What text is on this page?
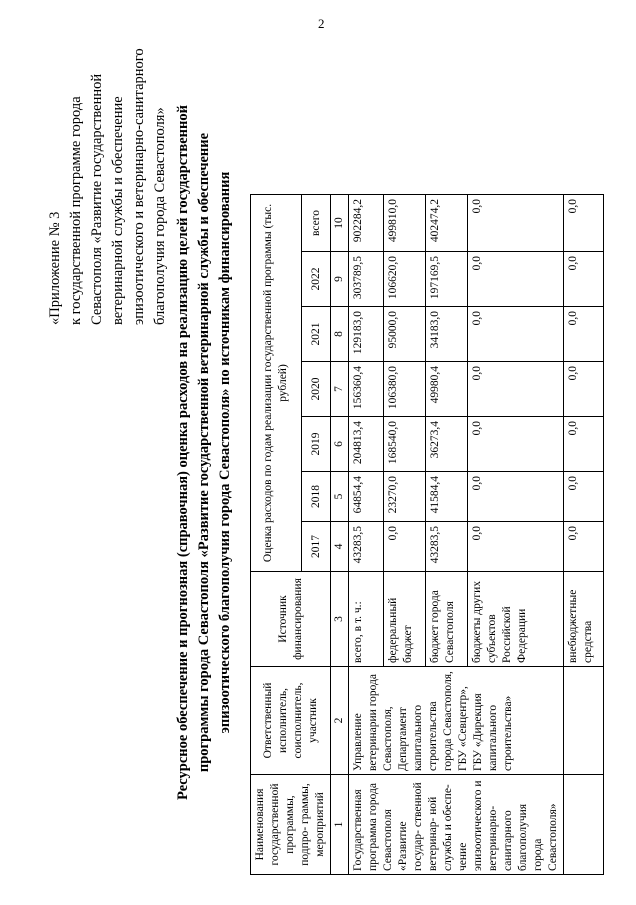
2
«Приложение № 3 к государственной программе города Севастополя «Развитие государственной ветеринарной службы и обеспечение эпизоотического и ветеринарно-санитарного благополучия города Севастополя» Ресурсное обеспечение и прогнозная (справочная) оценка расходов на реализацию целей государственной программы города Севастополя «Развитие государственной ветеринарной службы и обеспечение эпизоотического благополучия города Севастополя» по источникам финансирования
Наименования государственной программы, подпро- граммы, мероприятий	Ответственный исполнитель, соисполнитель, участник	Источник финансирования	Оценка расходов по годам реализации государственной программы (тыс. рублей)						
			2017	2018	2019	2020	2021	2022	всего
1	2	3	4	5	6	7	8	9	10
Государственная программа города Севастополя «Развитие государ- ственной ветеринар- ной службы и обеспе- чение эпизоотического и ветеринарно- санитарного благополучия города Севастополя»	Управление ветеринарии города Севастополя, Департамент капитального строительства города Севастополя, ГБУ «Севцентр», ГБУ «Дирекция капитального строительства»	всего, в т. ч.:	43283,5	64854,4	204813,4	156360,4	129183,0	303789,5	902284,2
		федеральный бюджет	0,0	23270,0	168540,0	106380,0	95000,0	106620,0	499810,0
		бюджет города Севастополя	43283,5	41584,4	36273,4	49980,4	34183,0	197169,5	402474,2
		бюджеты других субъектов Российской Федерации	0,0	0,0	0,0	0,0	0,0	0,0	0,0
		внебюджетные средства	0,0	0,0	0,0	0,0	0,0	0,0	0,0
